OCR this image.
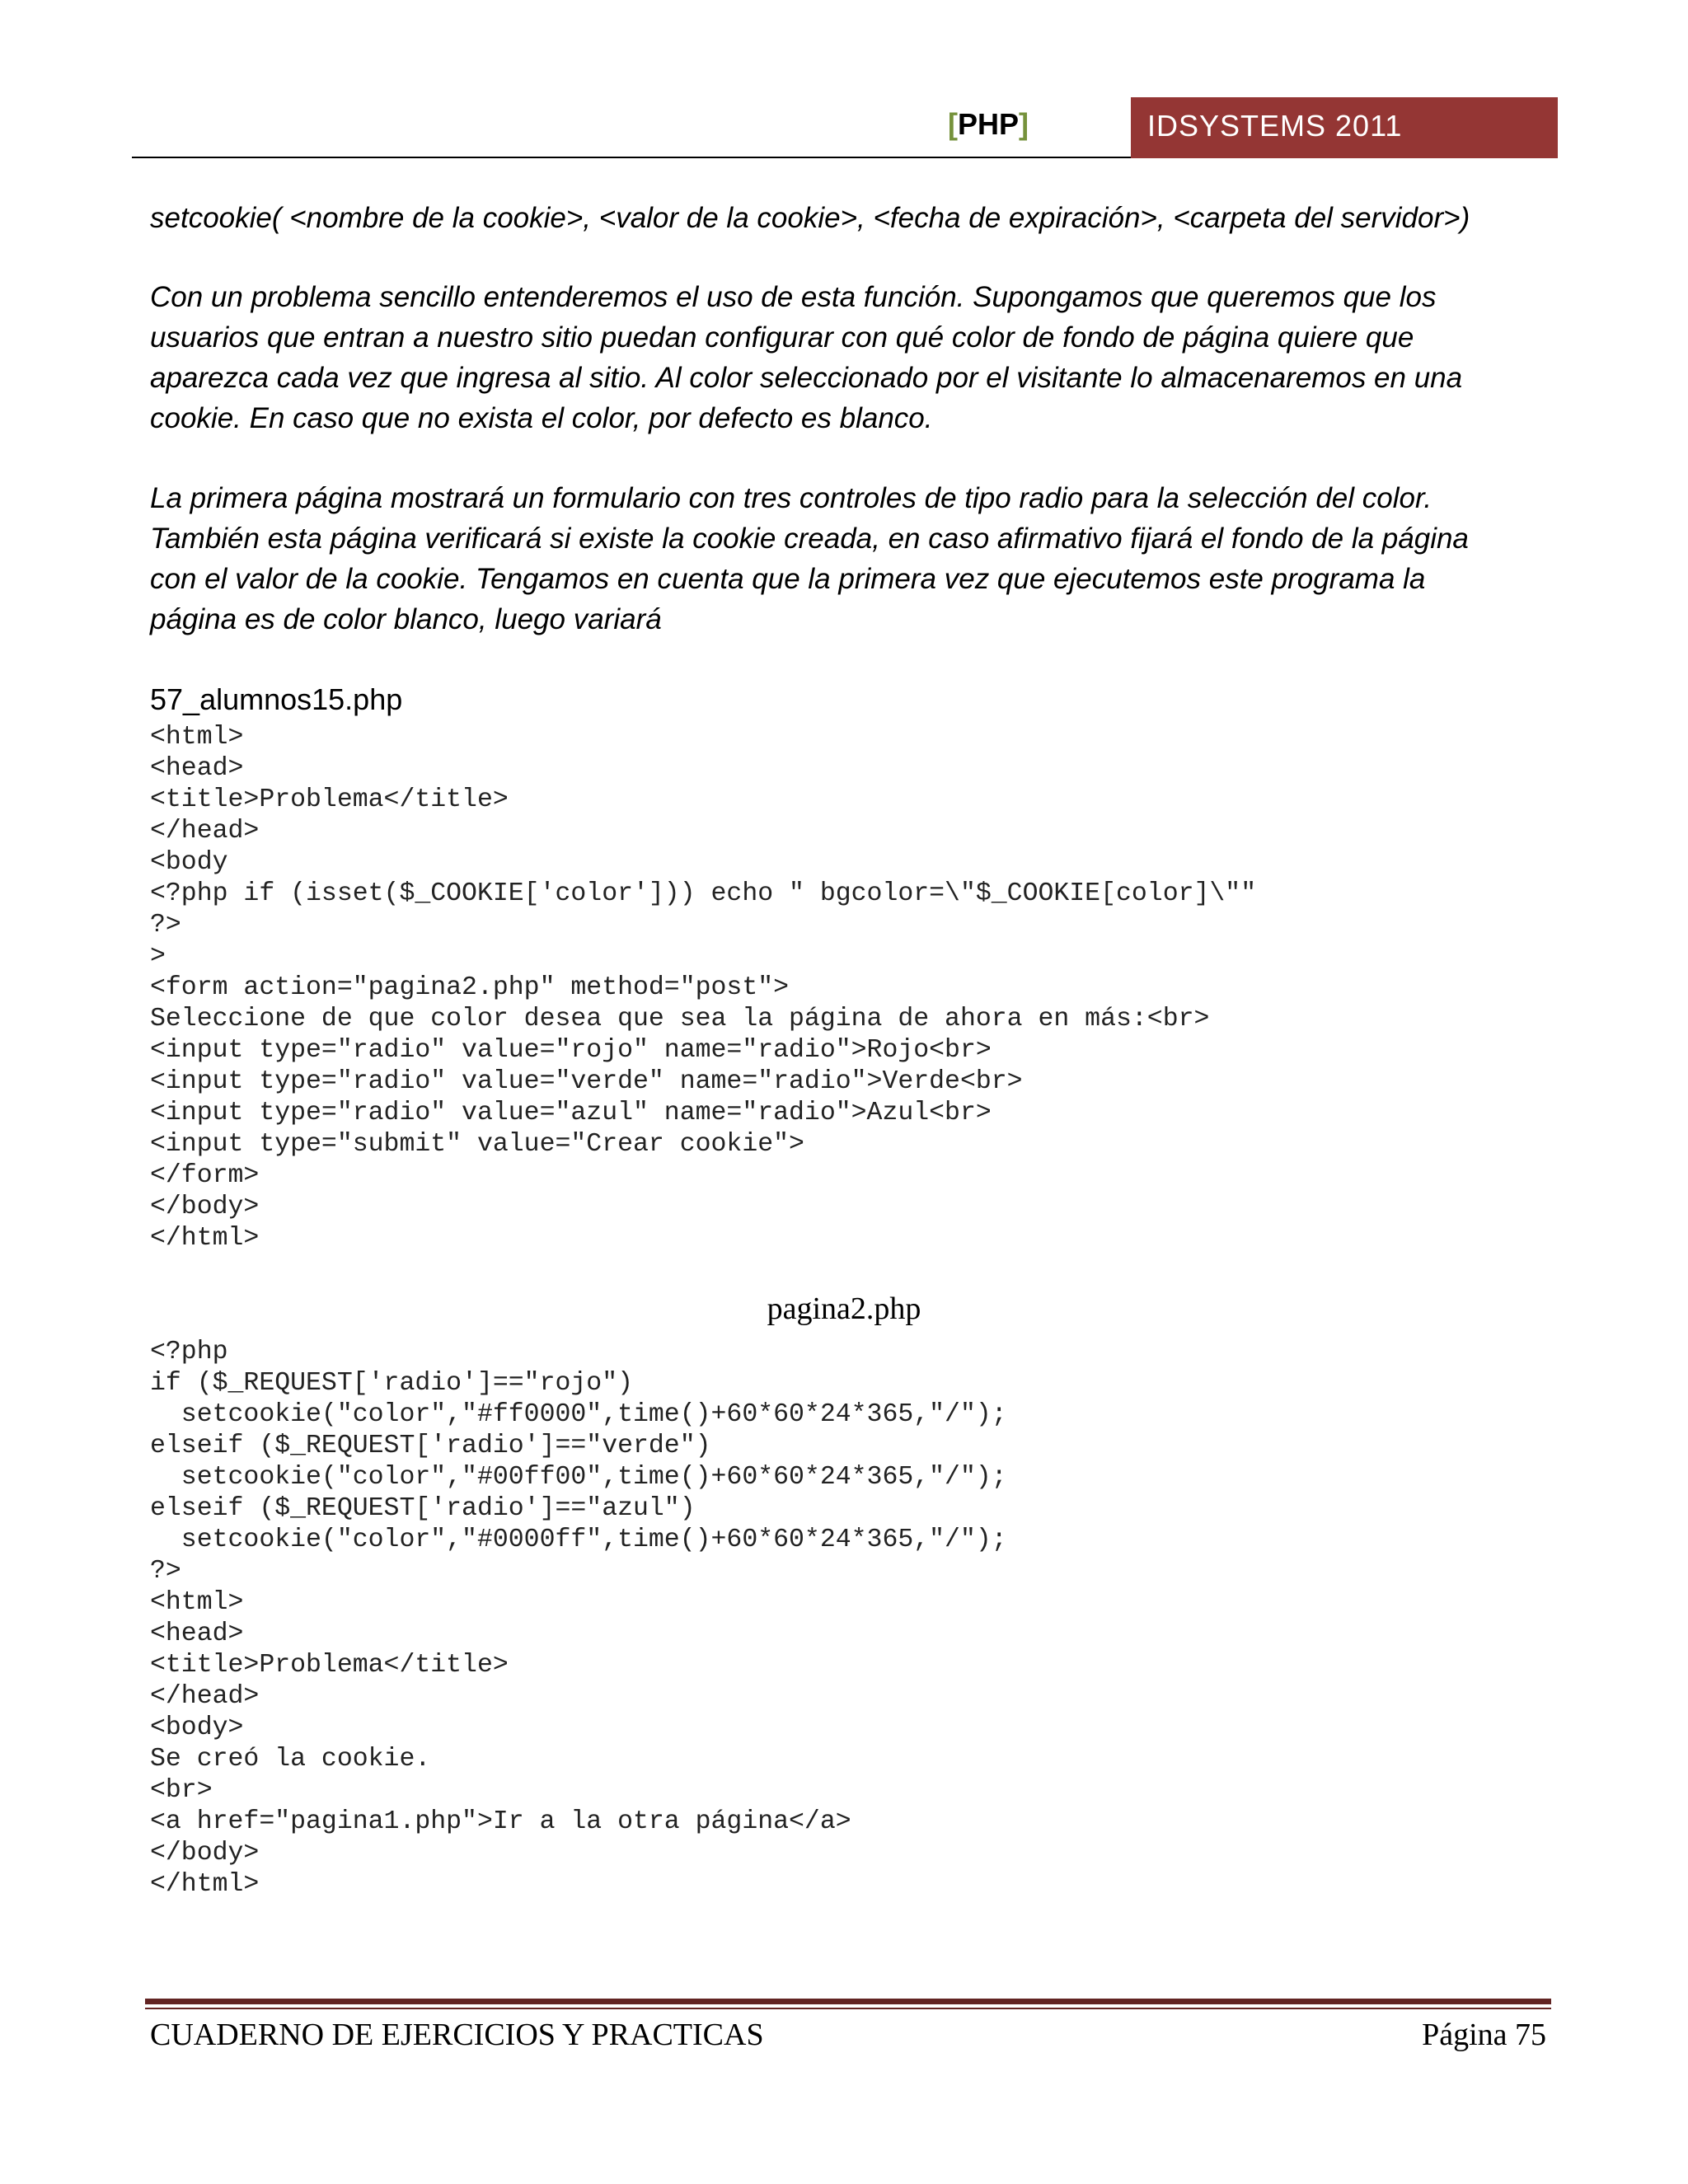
[PHP]	IDSYSTEMS 2011

setcookie( <nombre de la cookie>, <valor de la cookie>, <fecha de expiración>, <carpeta del servidor>)

Con un problema sencillo entenderemos el uso de esta función. Supongamos que queremos que los

usuarios que entran a nuestro sitio puedan configurar con qué color de fondo de página quiere que

aparezca cada vez que ingresa al sitio. Al color seleccionado por el visitante lo almacenaremos en una

cookie. En caso que no exista el color, por defecto es blanco.

La primera página mostrará un formulario con tres controles de tipo radio para la selección del color.

También esta página verificará si existe la cookie creada, en caso afirmativo fijará el fondo de la página

con el valor de la cookie. Tengamos en cuenta que la primera vez que ejecutemos este programa la

página es de color blanco, luego variará

57_alumnos15.php
<html>
<head>
<title>Problema</title>
</head>
<body
<?php if (isset($_COOKIE['color'])) echo " bgcolor=\"$_COOKIE[color]\""
?>
>
<form action="pagina2.php" method="post">
Seleccione de que color desea que sea la página de ahora en más:<br>
<input type="radio" value="rojo" name="radio">Rojo<br>
<input type="radio" value="verde" name="radio">Verde<br>
<input type="radio" value="azul" name="radio">Azul<br>
<input type="submit" value="Crear cookie">
</form>
</body>
</html>
pagina2.php
<?php
if ($_REQUEST['radio']=="rojo")
setcookie("color","#ff0000",time()+60*60*24*365,"/");
elseif ($_REQUEST['radio']=="verde")
setcookie("color","#00ff00",time()+60*60*24*365,"/");
elseif ($_REQUEST['radio']=="azul")
setcookie("color","#0000ff",time()+60*60*24*365,"/");
?>
<html>
<head>
<title>Problema</title>
</head>
<body>
Se creó la cookie.
<br>
<a href="pagina1.php">Ir a la otra página</a>
</body>
</html>
CUADERNO DE EJERCICIOS Y PRACTICAS	Página 75
